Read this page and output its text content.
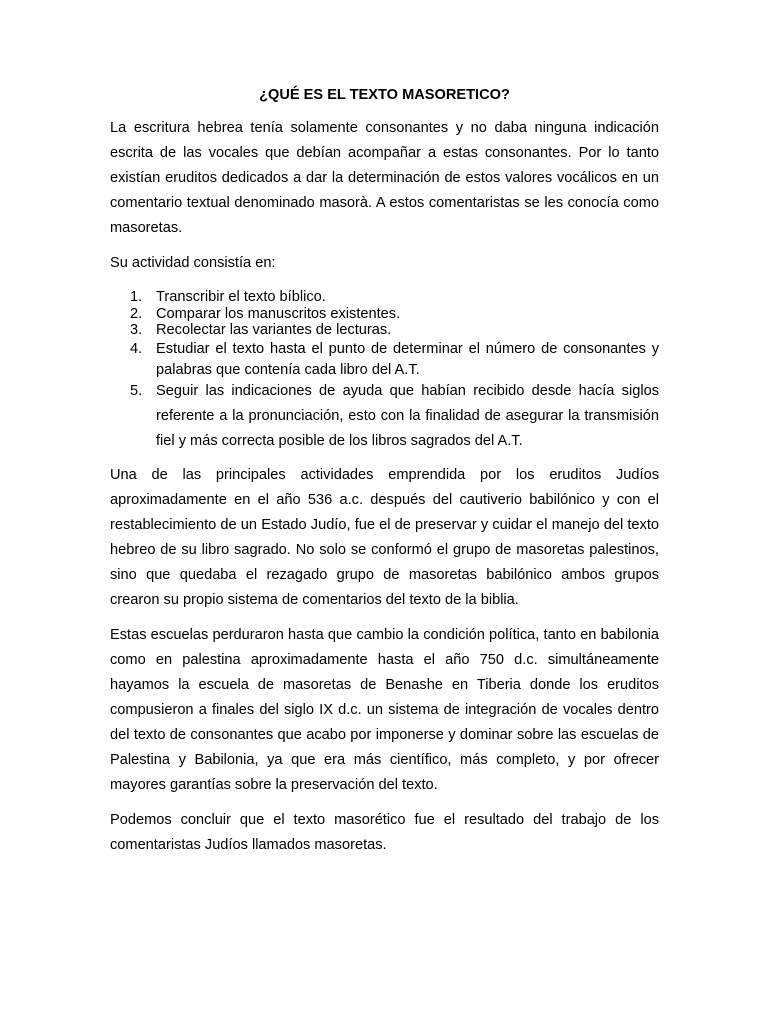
¿QUÉ ES EL TEXTO MASORETICO?

La escritura hebrea tenía solamente consonantes y no daba ninguna indicación escrita de las vocales que debían acompañar a estas consonantes. Por lo tanto existían eruditos dedicados a dar la determinación de estos valores vocálicos en un comentario textual denominado masorà. A estos comentaristas se les conocía como masoretas.

Su actividad consistía en:

1. Transcribir el texto bíblico.
2. Comparar los manuscritos existentes.
3. Recolectar las variantes de lecturas.
4. Estudiar el texto hasta el punto de determinar el número de consonantes y palabras que contenía cada libro del A.T.
5. Seguir las indicaciones de ayuda que habían recibido desde hacía siglos referente a la pronunciación, esto con la finalidad de asegurar la transmisión fiel y más correcta posible de los libros sagrados del A.T.

Una de las principales actividades emprendida por los eruditos Judíos aproximadamente en el año 536 a.c. después del cautiverio babilónico y con el restablecimiento de un Estado Judío, fue el de preservar y cuidar el manejo del texto hebreo de su libro sagrado. No solo se conformó el grupo de masoretas palestinos, sino que quedaba el rezagado grupo de masoretas babilónico ambos grupos crearon su propio sistema de comentarios del texto de la biblia.

Estas escuelas perduraron hasta que cambio la condición política, tanto en babilonia como en palestina aproximadamente hasta el año 750 d.c. simultáneamente hayamos la escuela de masoretas de Benashe en Tiberia donde los eruditos compusieron a finales del siglo IX d.c. un sistema de integración de vocales dentro del texto de consonantes que acabo por imponerse y dominar sobre las escuelas de Palestina y Babilonia, ya que era más científico, más completo, y por ofrecer mayores garantías sobre la preservación del texto.

Podemos concluir que el texto masorético fue el resultado del trabajo de los comentaristas Judíos llamados masoretas.
